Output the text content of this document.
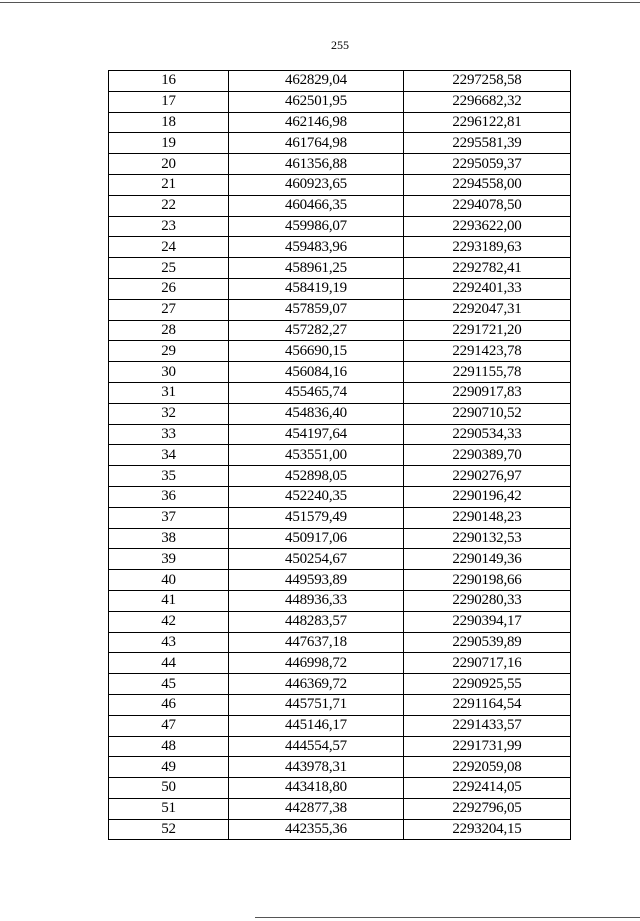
255
16	462829,04	2297258,58
17	462501,95	2296682,32
18	462146,98	2296122,81
19	461764,98	2295581,39
20	461356,88	2295059,37
21	460923,65	2294558,00
22	460466,35	2294078,50
23	459986,07	2293622,00
24	459483,96	2293189,63
25	458961,25	2292782,41
26	458419,19	2292401,33
27	457859,07	2292047,31
28	457282,27	2291721,20
29	456690,15	2291423,78
30	456084,16	2291155,78
31	455465,74	2290917,83
32	454836,40	2290710,52
33	454197,64	2290534,33
34	453551,00	2290389,70
35	452898,05	2290276,97
36	452240,35	2290196,42
37	451579,49	2290148,23
38	450917,06	2290132,53
39	450254,67	2290149,36
40	449593,89	2290198,66
41	448936,33	2290280,33
42	448283,57	2290394,17
43	447637,18	2290539,89
44	446998,72	2290717,16
45	446369,72	2290925,55
46	445751,71	2291164,54
47	445146,17	2291433,57
48	444554,57	2291731,99
49	443978,31	2292059,08
50	443418,80	2292414,05
51	442877,38	2292796,05
52	442355,36	2293204,15
